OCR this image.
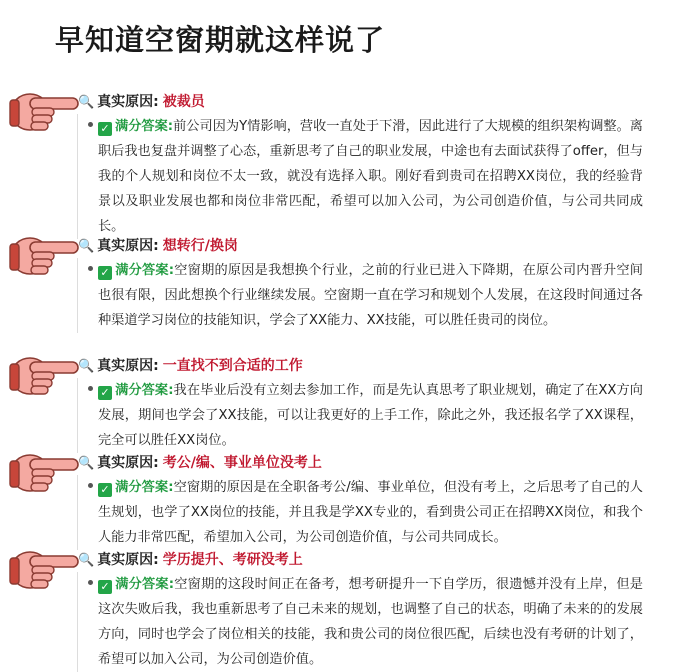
早知道空窗期就这样说了
🔍 真实原因: 被裁员
✓ 满分答案:前公司因为Y情影响，营收一直处于下滑，因此进行了大规模的组织架构调整。离职后我也复盘并调整了心态，重新思考了自己的职业发展，中途也有去面试获得了offer，但与我的个人规划和岗位不太一致，就没有选择入职。刚好看到贵司在招聘XX岗位，我的经验背景以及职业发展也都和岗位非常匹配，希望可以加入公司，为公司创造价值，与公司共同成长。
🔍 真实原因: 想转行/换岗
✓ 满分答案:空窗期的原因是我想换个行业，之前的行业已进入下降期，在原公司内晋升空间也很有限，因此想换个行业继续发展。空窗期一直在学习和规划个人发展，在这段时间通过各种渠道学习岗位的技能知识，学会了XX能力、XX技能，可以胜任贵司的岗位。
🔍 真实原因: 一直找不到合适的工作
✓ 满分答案:我在毕业后没有立刻去参加工作，而是先认真思考了职业规划，确定了在XX方向发展，期间也学会了XX技能，可以让我更好的上手工作，除此之外，我还报名学了XX课程，完全可以胜任XX岗位。
🔍 真实原因: 考公/编、事业单位没考上
✓ 满分答案:空窗期的原因是在全职备考公/编、事业单位，但没有考上，之后思考了自己的人生规划，也学了XX岗位的技能，并且我是学XX专业的，看到贵公司正在招聘XX岗位，和我个人能力非常匹配，希望加入公司，为公司创造价值，与公司共同成长。
🔍 真实原因: 学历提升、考研没考上
✓ 满分答案:空窗期的这段时间正在备考，想考研提升一下自学历，很遗憾并没有上岸，但是这次失败后我，我也重新思考了自己未来的规划，也调整了自己的状态，明确了未来的的发展方向，同时也学会了岗位相关的技能，我和贵公司的岗位很匹配，后续也没有考研的计划了，希望可以加入公司，为公司创造价值。
